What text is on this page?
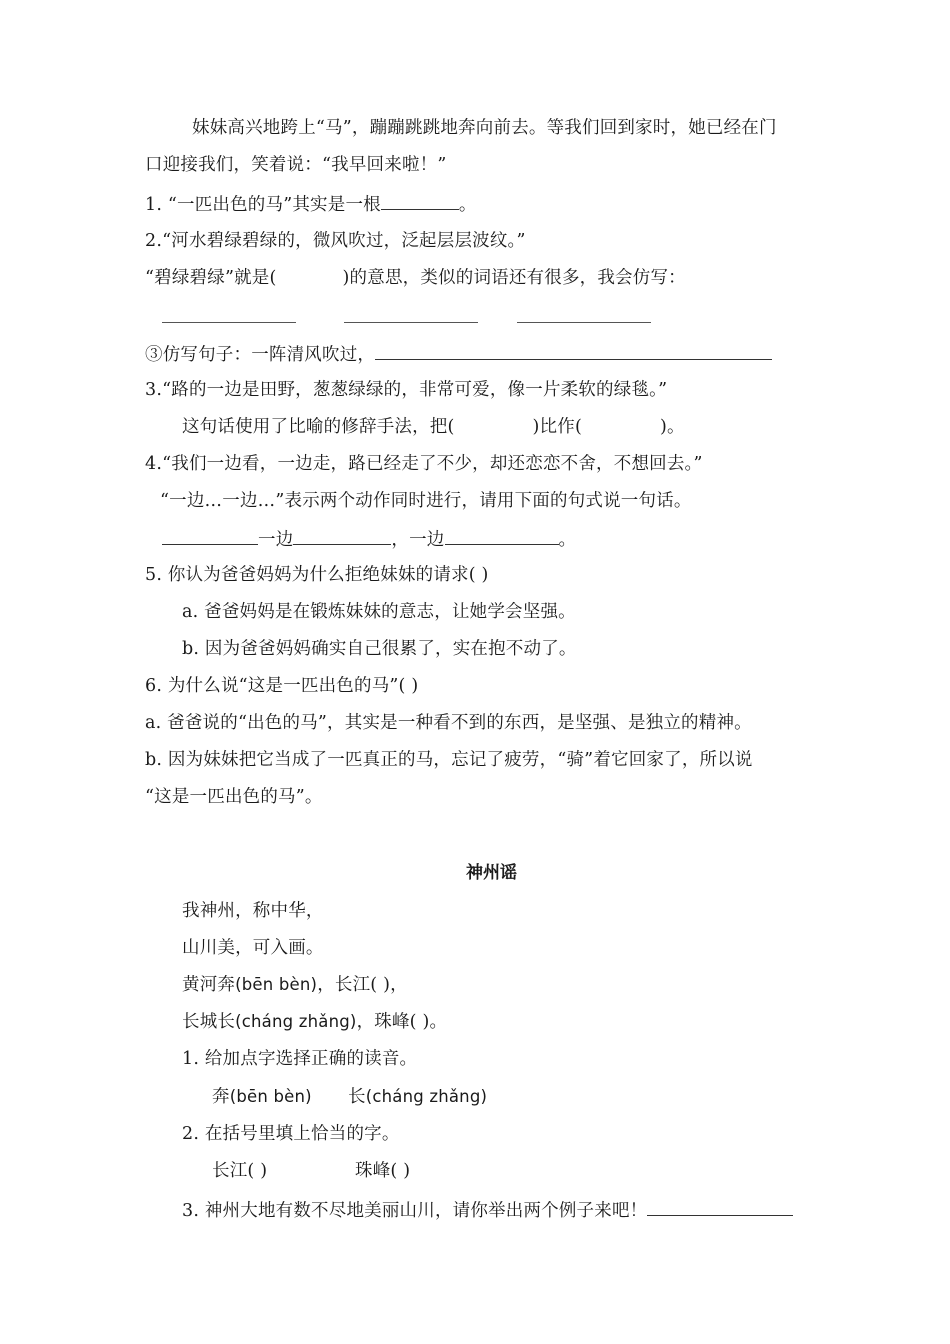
妹妹高兴地跨上“马”，蹦蹦跳跳地奔向前去。等我们回到家时，她已经在门
口迎接我们，笑着说：“我早回来啦！”
1. “一匹出色的马”其实是一根	。
2.“河水碧绿碧绿的，微风吹过，泛起层层波纹。”
“碧绿碧绿”就是(	)的意思，类似的词语还有很多，我会仿写：
③仿写句子：一阵清风吹过，
3.“路的一边是田野，葱葱绿绿的，非常可爱，像一片柔软的绿毯。”
这句话使用了比喻的修辞手法，把(	)比作(	)。
4.“我们一边看，一边走，路已经走了不少，却还恋恋不舍，不想回去。”
“一边…一边…”表示两个动作同时进行，请用下面的句式说一句话。
一边	，一边	。
5. 你认为爸爸妈妈为什么拒绝妹妹的请求( )
a. 爸爸妈妈是在锻炼妹妹的意志，让她学会坚强。
b. 因为爸爸妈妈确实自己很累了，实在抱不动了。
6. 为什么说“这是一匹出色的马”( )
a. 爸爸说的“出色的马”，其实是一种看不到的东西，是坚强、是独立的精神。
b. 因为妹妹把它当成了一匹真正的马，忘记了疲劳，“骑”着它回家了，所以说
“这是一匹出色的马”。
神州谣
我神州，称中华，
山川美，可入画。
黄河奔(bēn bèn)，长江( )，
长城长(cháng zhǎng)，珠峰( )。
1. 给加点字选择正确的读音。
奔(bēn bèn) 长(cháng zhǎng)
2. 在括号里填上恰当的字。
长江( )	珠峰( )
3. 神州大地有数不尽地美丽山川，请你举出两个例子来吧！
